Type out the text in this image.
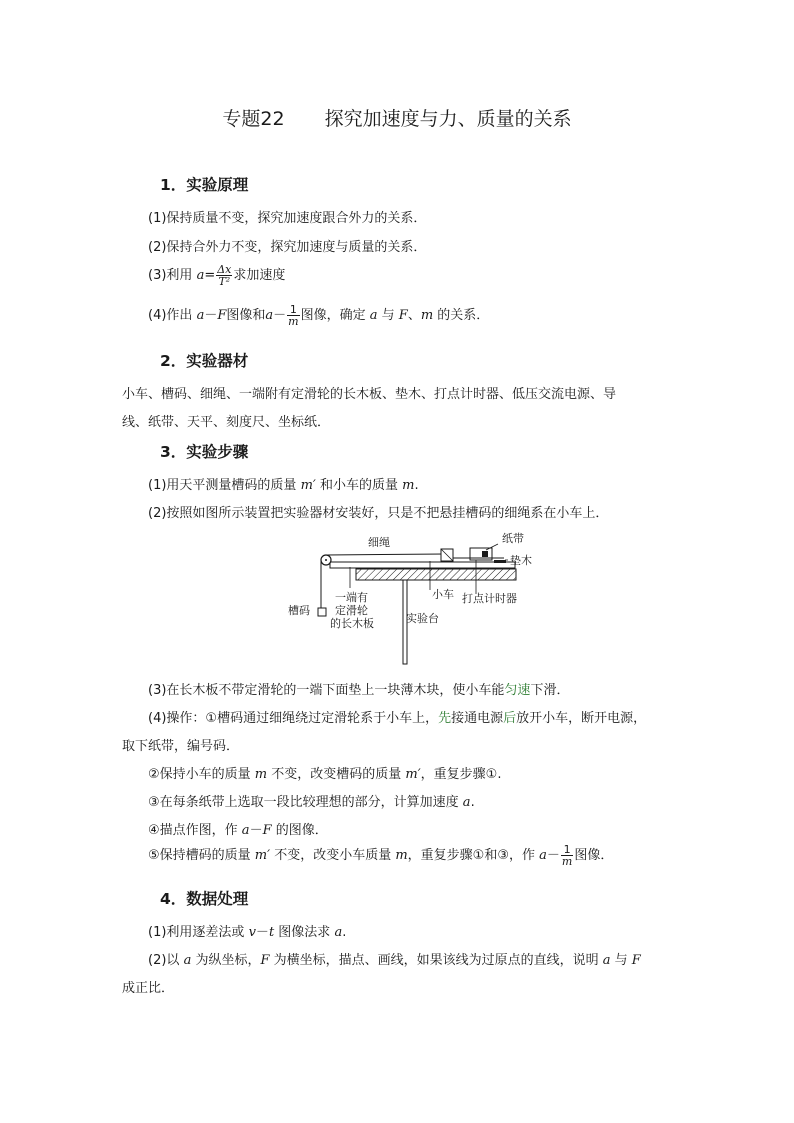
专题22 探究加速度与力、质量的关系
1．实验原理
(1)保持质量不变，探究加速度跟合外力的关系．
(2)保持合外力不变，探究加速度与质量的关系．
(3)利用 $a= \frac{\Delta x}{\text{T²}}$ 求加速度
(4)作出 a－F图像和$a- \frac{1}{m}$ 图像，确定 a 与 F、m 的关系．
2．实验器材
小车、槽码、细绳、一端附有定滑轮的长木板、垫木、打点计时器、低压交流电源、导
线、纸带、天平、刻度尺、坐标纸．
3．实验步骤
(1)用天平测量槽码的质量 m′ 和小车的质量 m.
(2)按照如图所示装置把实验器材安装好，只是不把悬挂槽码的细绳系在小车上．
细绳	纸带
垫木
槽码
一端有
定滑轮
的长木板
小车 打点计时器
实验台
(3)在长木板不带定滑轮的一端下面垫上一块薄木块，使小车能匀速下滑．
(4)操作：①槽码通过细绳绕过定滑轮系于小车上，先接通电源后放开小车，断开电源，
取下纸带，编号码．
②保持小车的质量 m 不变，改变槽码的质量 m′，重复步骤①.
③在每条纸带上选取一段比较理想的部分，计算加速度 a.
④描点作图，作 a－F 的图像．
⑤保持槽码的质量 m′ 不变，改变小车质量 m，重复步骤①和③，作 $a- \frac{1}{m}$ 图像．
4．数据处理
(1)利用逐差法或 v－t 图像法求 a.
(2)以 a 为纵坐标，F 为横坐标，描点、画线，如果该线为过原点的直线，说明 a 与 F
成正比．
